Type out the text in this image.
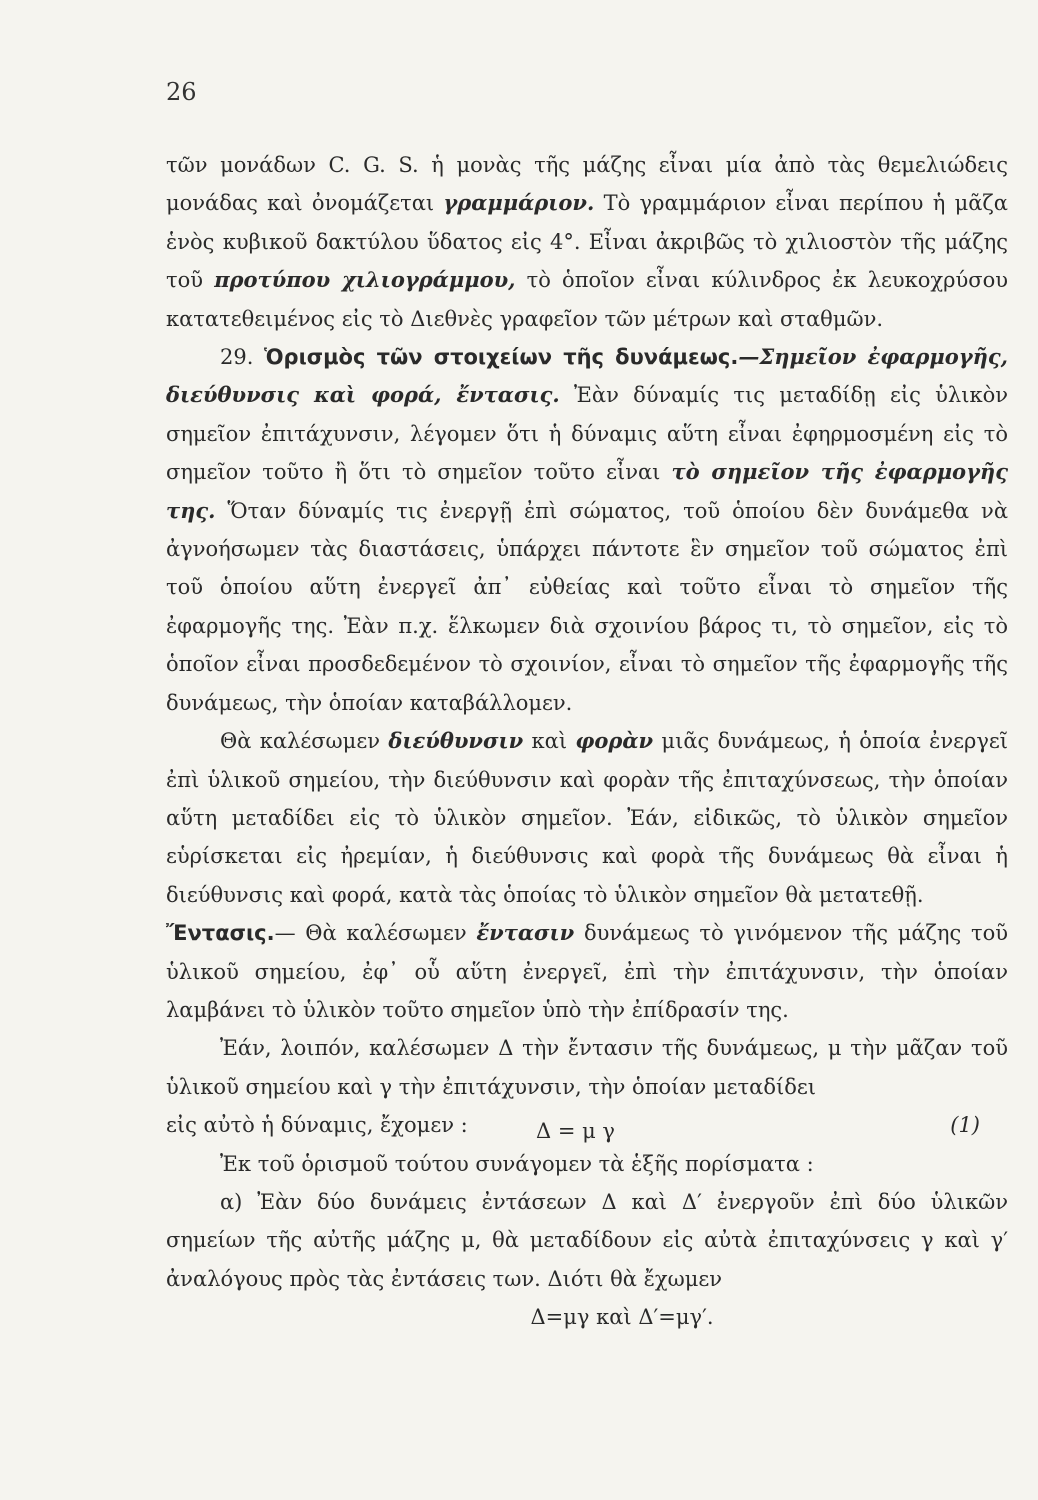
26

τῶν μονάδων C. G. S. ἡ μονὰς τῆς μάζης εἶναι μία ἀπὸ τὰς θεμελιώδεις μονάδας καὶ ὀνομάζεται γραμμάριον. Τὸ γραμμάριον εἶναι περίπου ἡ μᾶζα ἑνὸς κυβικοῦ δακτύλου ὕδατος εἰς 4°. Εἶναι ἀκριβῶς τὸ χιλιοστὸν τῆς μάζης τοῦ προτύπου χιλιογράμμου, τὸ ὁποῖον εἶναι κύλινδρος ἐκ λευκοχρύσου κατατεθειμένος εἰς τὸ Διεθνὲς γραφεῖον τῶν μέτρων καὶ σταθμῶν.

29. Ὁρισμὸς τῶν στοιχείων τῆς δυνάμεως.—Σημεῖον ἐφαρμογῆς, διεύθυνσις καὶ φορά, ἔντασις. Ἐὰν δύναμίς τις μεταδίδῃ εἰς ὑλικὸν σημεῖον ἐπιτάχυνσιν, λέγομεν ὅτι ἡ δύναμις αὕτη εἶναι ἐφηρμοσμένη εἰς τὸ σημεῖον τοῦτο ἢ ὅτι τὸ σημεῖον τοῦτο εἶναι τὸ σημεῖον τῆς ἐφαρμογῆς της. Ὅταν δύναμίς τις ἐνεργῇ ἐπὶ σώματος, τοῦ ὁποίου δὲν δυνάμεθα νὰ ἀγνοήσωμεν τὰς διαστάσεις, ὑπάρχει πάντοτε ἓν σημεῖον τοῦ σώματος ἐπὶ τοῦ ὁποίου αὕτη ἐνεργεῖ ἀπ᾽ εὐθείας καὶ τοῦτο εἶναι τὸ σημεῖον τῆς ἐφαρμογῆς της. Ἐὰν π.χ. ἕλκωμεν διὰ σχοινίου βάρος τι, τὸ σημεῖον, εἰς τὸ ὁποῖον εἶναι προσδεδεμένον τὸ σχοινίον, εἶναι τὸ σημεῖον τῆς ἐφαρμογῆς τῆς δυνάμεως, τὴν ὁποίαν καταβάλλομεν.

Θὰ καλέσωμεν διεύθυνσιν καὶ φορὰν μιᾶς δυνάμεως, ἡ ὁποία ἐνεργεῖ ἐπὶ ὑλικοῦ σημείου, τὴν διεύθυνσιν καὶ φορὰν τῆς ἐπιταχύνσεως, τὴν ὁποίαν αὕτη μεταδίδει εἰς τὸ ὑλικὸν σημεῖον. Ἐάν, εἰδικῶς, τὸ ὑλικὸν σημεῖον εὑρίσκεται εἰς ἠρεμίαν, ἡ διεύθυνσις καὶ φορὰ τῆς δυνάμεως θὰ εἶναι ἡ διεύθυνσις καὶ φορά, κατὰ τὰς ὁποίας τὸ ὑλικὸν σημεῖον θὰ μετατεθῇ.

Ἔντασις.— Θὰ καλέσωμεν ἔντασιν δυνάμεως τὸ γινόμενον τῆς μάζης τοῦ ὑλικοῦ σημείου, ἐφ᾽ οὗ αὕτη ἐνεργεῖ, ἐπὶ τὴν ἐπιτάχυνσιν, τὴν ὁποίαν λαμβάνει τὸ ὑλικὸν τοῦτο σημεῖον ὑπὸ τὴν ἐπίδρασίν της.

Ἐάν, λοιπόν, καλέσωμεν Δ τὴν ἔντασιν τῆς δυνάμεως, μ τὴν μᾶζαν τοῦ ὑλικοῦ σημείου καὶ γ τὴν ἐπιτάχυνσιν, τὴν ὁποίαν μεταδίδει

εἰς αὐτὸ ἡ δύναμις, ἔχομεν :	Δ = μ γ	(1)

Ἐκ τοῦ ὁρισμοῦ τούτου συνάγομεν τὰ ἑξῆς πορίσματα :

α) Ἐὰν δύο δυνάμεις ἐντάσεων Δ καὶ Δ′ ἐνεργοῦν ἐπὶ δύο ὑλικῶν σημείων τῆς αὐτῆς μάζης μ, θὰ μεταδίδουν εἰς αὐτὰ ἐπιταχύνσεις γ καὶ γ′ ἀναλόγους πρὸς τὰς ἐντάσεις των. Διότι θὰ ἔχωμεν

Δ=μγ καὶ Δ′=μγ′.
